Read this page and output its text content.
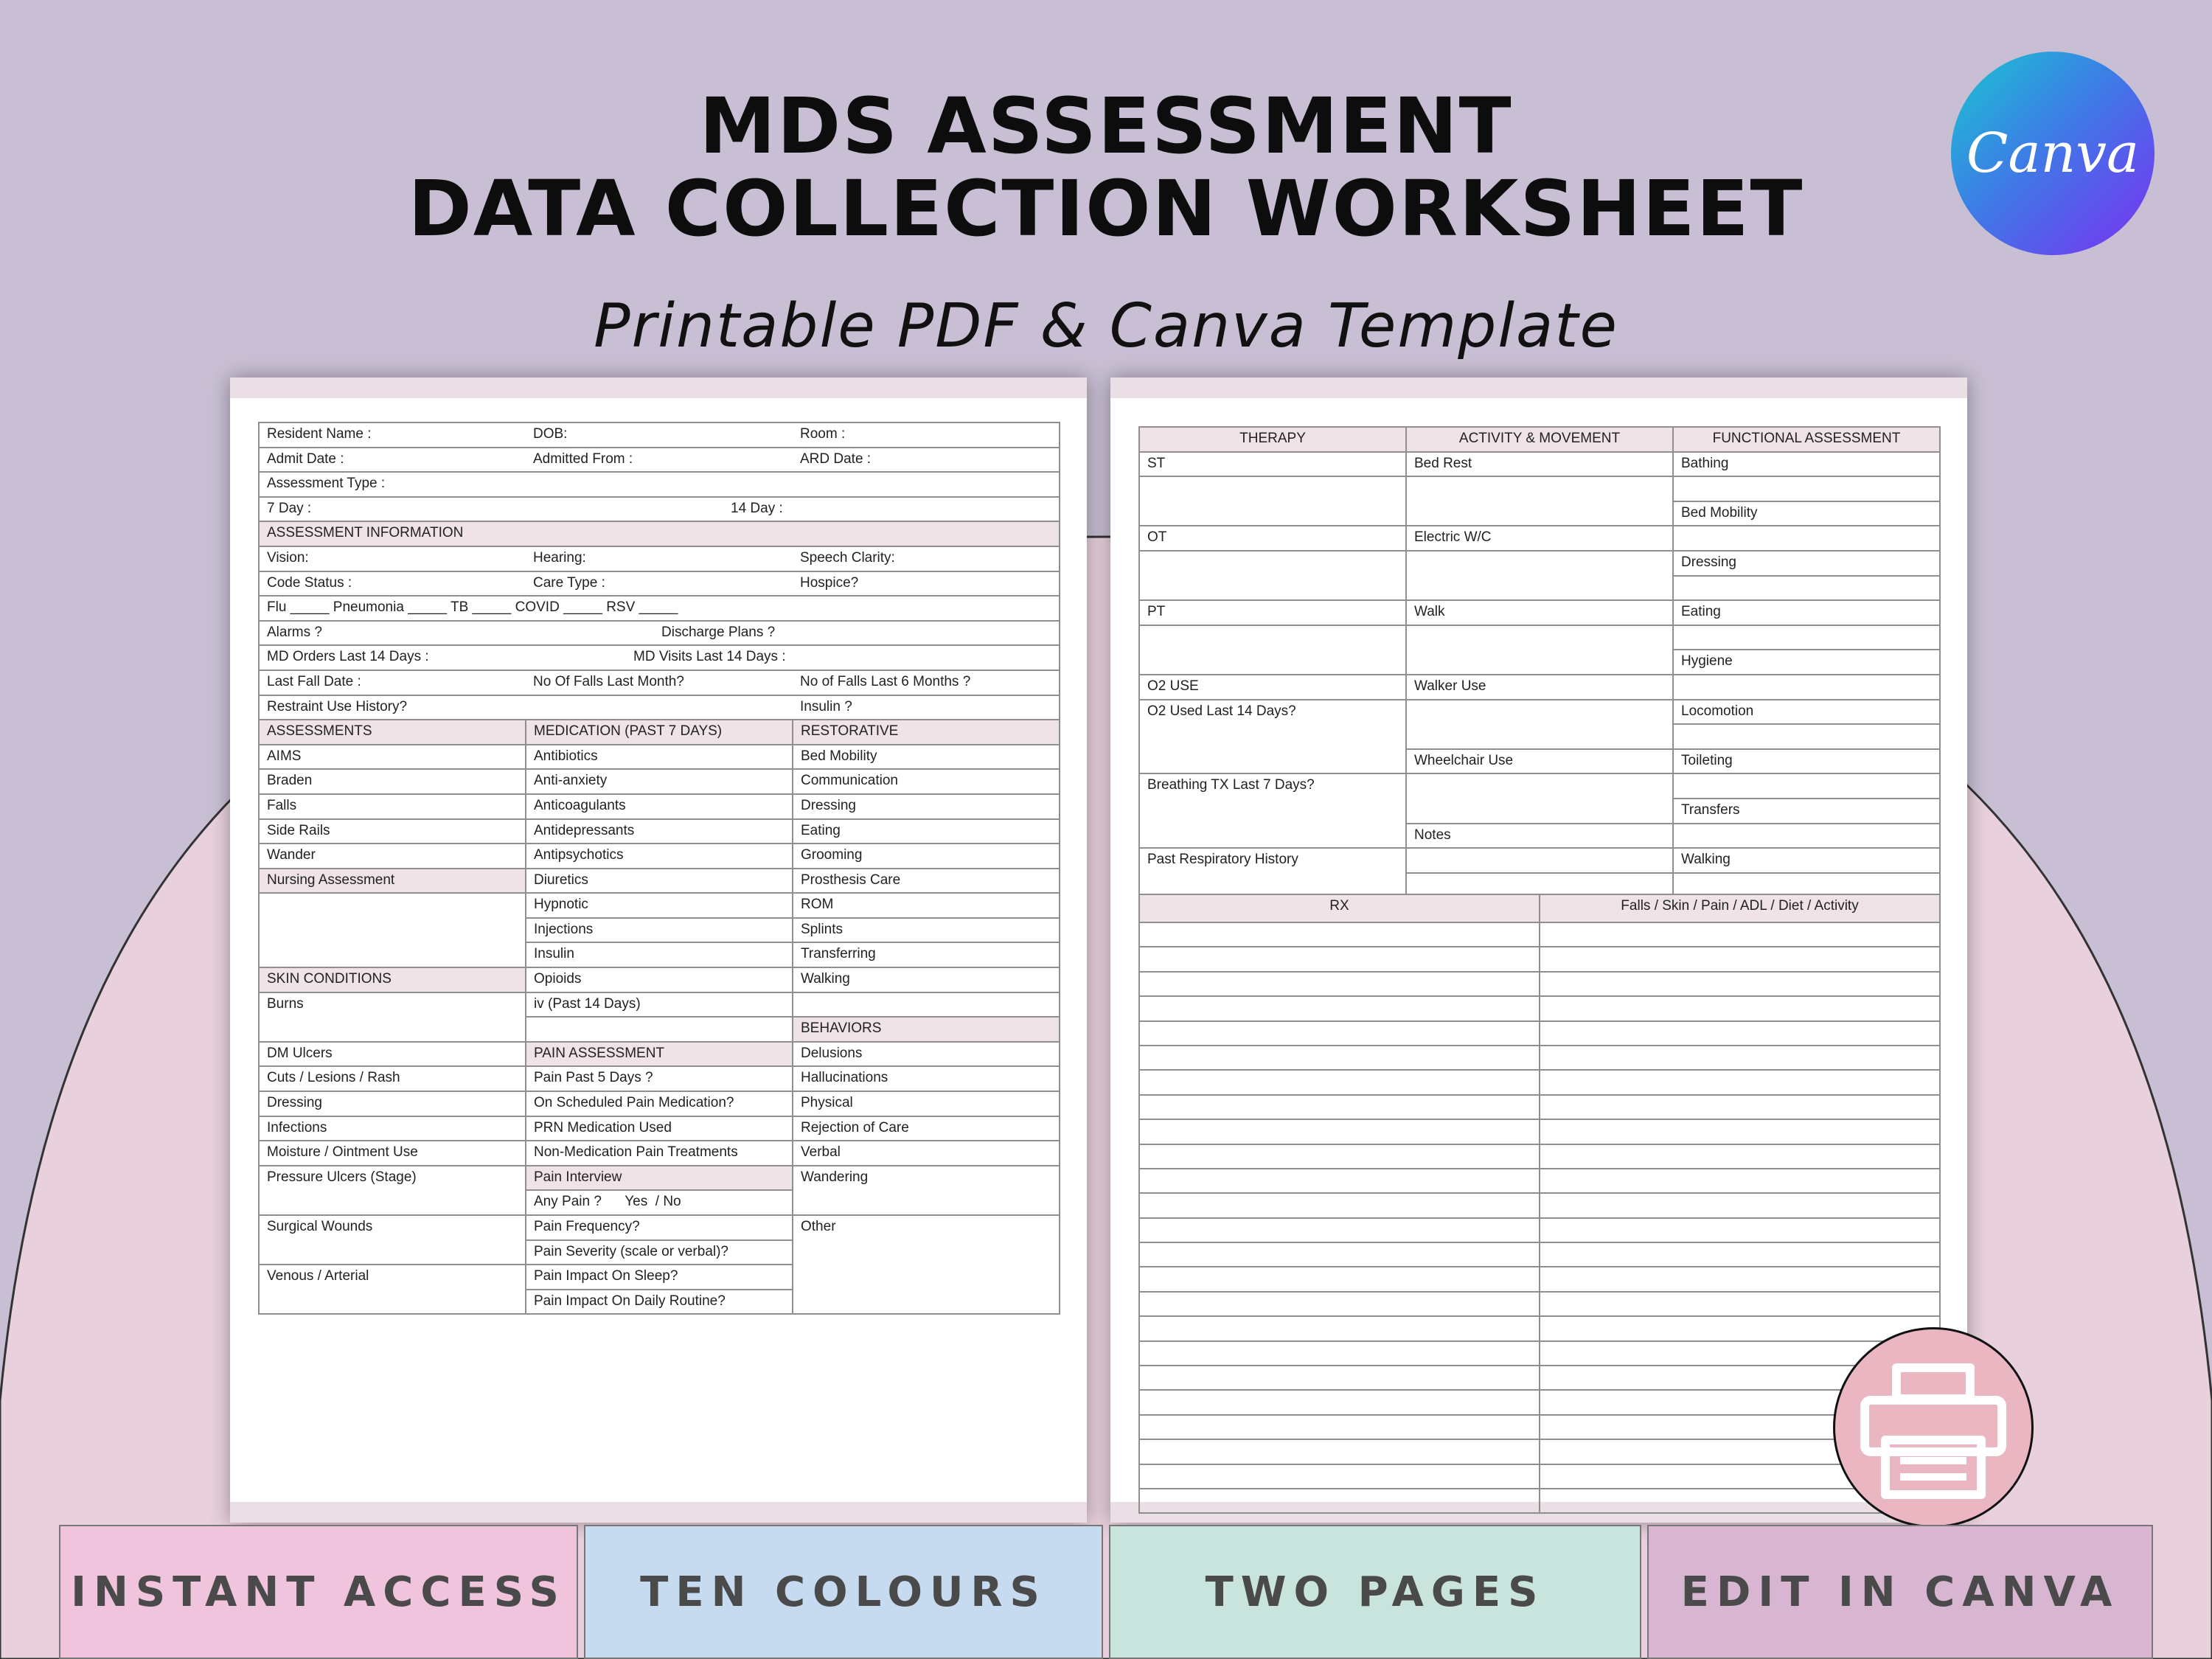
MDS ASSESSMENT
DATA COLLECTION WORKSHEET
Printable PDF & Canva Template
Canva
Resident Name :	DOB:	Room :
Admit Date :	Admitted From :	ARD Date :
Assessment Type :		
7 Day : 14 Day :		

ASSESSMENT INFORMATION		
Vision:	Hearing:	Speech Clarity:
Code Status :	Care Type :	Hospice?
Flu _____ Pneumonia _____ TB _____ COVID _____ RSV _____		
Alarms ? Discharge Plans ?		

MD Orders Last 14 Days : MD Visits Last 14 Days :		

Last Fall Date :	No Of Falls Last Month?	No of Falls Last 6 Months ?
Restraint Use History?		Insulin ?
ASSESSMENTS	MEDICATION (PAST 7 DAYS)	RESTORATIVE
AIMS	Antibiotics	Bed Mobility
Braden	Anti-anxiety	Communication
Falls	Anticoagulants	Dressing
Side Rails	Antidepressants	Eating
Wander	Antipsychotics	Grooming
Nursing Assessment	Diuretics	Prosthesis Care
	Hypnotic	ROM
	Injections	Splints
	Insulin	Transferring
SKIN CONDITIONS	Opioids	Walking
Burns	iv (Past 14 Days)	
		BEHAVIORS
DM Ulcers		Delusions
	PAIN ASSESSMENT	
Cuts / Lesions / Rash	Pain Past 5 Days ?	Hallucinations

Dressing	On Scheduled Pain Medication?	Physical

Infections	PRN Medication Used	Rejection of Care

Moisture / Ointment Use	Non-Medication Pain Treatments	Verbal

Pressure Ulcers (Stage)	Pain Interview	Wandering
	Any Pain ?      Yes  / No	
Surgical Wounds	Pain Frequency?	Other

	Pain Severity (scale or verbal)?	

Venous / Arterial	Pain Impact On Sleep?	

	Pain Impact On Daily Routine?	

THERAPY	ACTIVITY & MOVEMENT	FUNCTIONAL ASSESSMENT
ST	Bed Rest	Bathing

		Bed Mobility
OT	Electric W/C	
		Dressing

PT	Walk	Eating

		Hygiene
O2 USE	Walker Use	
O2 Used Last 14 Days?		Locomotion

	Wheelchair Use	Toileting
Breathing TX Last 7 Days?		
		Transfers
	Notes	
Past Respiratory History		Walking

RX	Falls / Skin / Pain / ADL / Diet / Activity

INSTANT ACCESS	TEN COLOURS	TWO PAGES	EDIT IN CANVA
